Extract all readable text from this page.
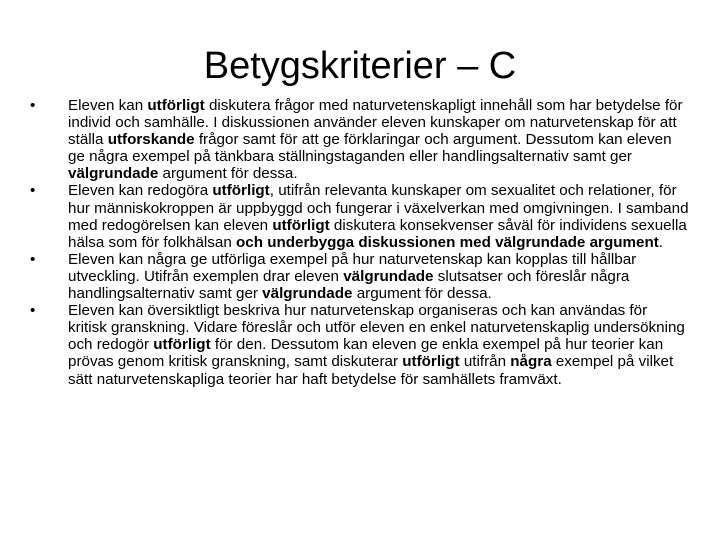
Betygskriterier – C
•	Eleven kan utförligt diskutera frågor med naturvetenskapligt innehåll som har betydelse för individ och samhälle. I diskussionen använder eleven kunskaper om naturvetenskap för att ställa utforskande frågor samt för att ge förklaringar och argument. Dessutom kan eleven ge några exempel på tänkbara ställningstaganden eller handlingsalternativ samt ger välgrundade argument för dessa.
•	Eleven kan redogöra utförligt, utifrån relevanta kunskaper om sexualitet och relationer, för hur människokroppen är uppbyggd och fungerar i växelverkan med omgivningen. I samband med redogörelsen kan eleven utförligt diskutera konsekvenser såväl för individens sexuella hälsa som för folkhälsan och underbygga diskussionen med välgrundade argument.
•	Eleven kan några ge utförliga exempel på hur naturvetenskap kan kopplas till hållbar utveckling. Utifrån exemplen drar eleven välgrundade slutsatser och föreslår några handlingsalternativ samt ger välgrundade argument för dessa.
•	Eleven kan översiktligt beskriva hur naturvetenskap organiseras och kan användas för kritisk granskning. Vidare föreslår och utför eleven en enkel naturvetenskaplig undersökning och redogör utförligt för den. Dessutom kan eleven ge enkla exempel på hur teorier kan prövas genom kritisk granskning, samt diskuterar utförligt utifrån några exempel på vilket sätt naturvetenskapliga teorier har haft betydelse för samhällets framväxt.
